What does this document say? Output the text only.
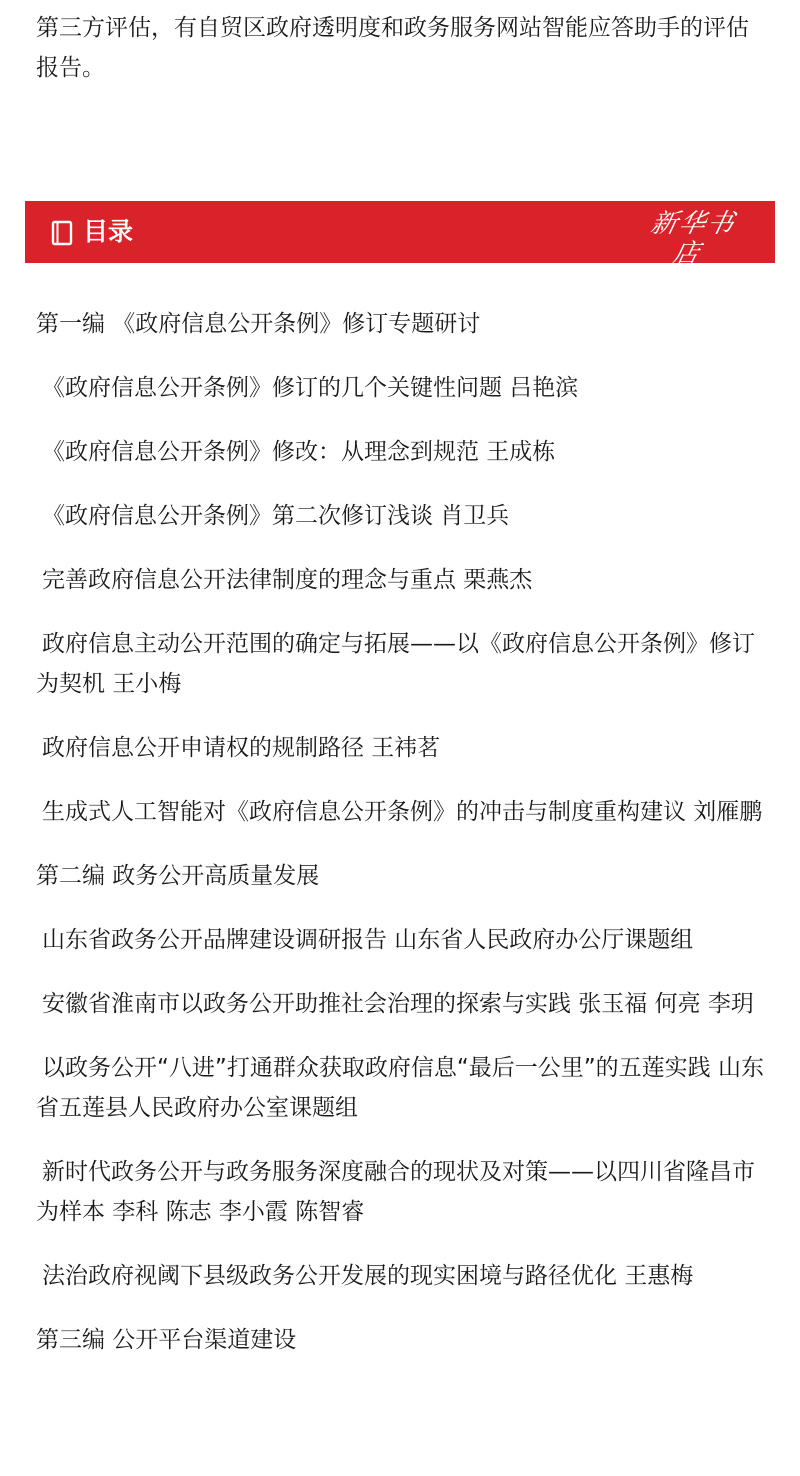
第三方评估，有自贸区政府透明度和政务服务网站智能应答助手的评估报告。

目录	新华书店
XINHUA BOOKSTORE
第一编 《政府信息公开条例》修订专题研讨
《政府信息公开条例》修订的几个关键性问题 吕艳滨
《政府信息公开条例》修改：从理念到规范 王成栋
《政府信息公开条例》第二次修订浅谈 肖卫兵
完善政府信息公开法律制度的理念与重点 栗燕杰
政府信息主动公开范围的确定与拓展——以《政府信息公开条例》修订为契机 王小梅
政府信息公开申请权的规制路径 王祎茗
生成式人工智能对《政府信息公开条例》的冲击与制度重构建议 刘雁鹏
第二编 政务公开高质量发展
山东省政务公开品牌建设调研报告 山东省人民政府办公厅课题组
安徽省淮南市以政务公开助推社会治理的探索与实践 张玉福 何亮 李玥
以政务公开“八进”打通群众获取政府信息“最后一公里”的五莲实践 山东省五莲县人民政府办公室课题组
新时代政务公开与政务服务深度融合的现状及对策——以四川省隆昌市为样本 李科 陈志 李小霞 陈智睿
法治政府视阈下县级政务公开发展的现实困境与路径优化 王惠梅
第三编 公开平台渠道建设
